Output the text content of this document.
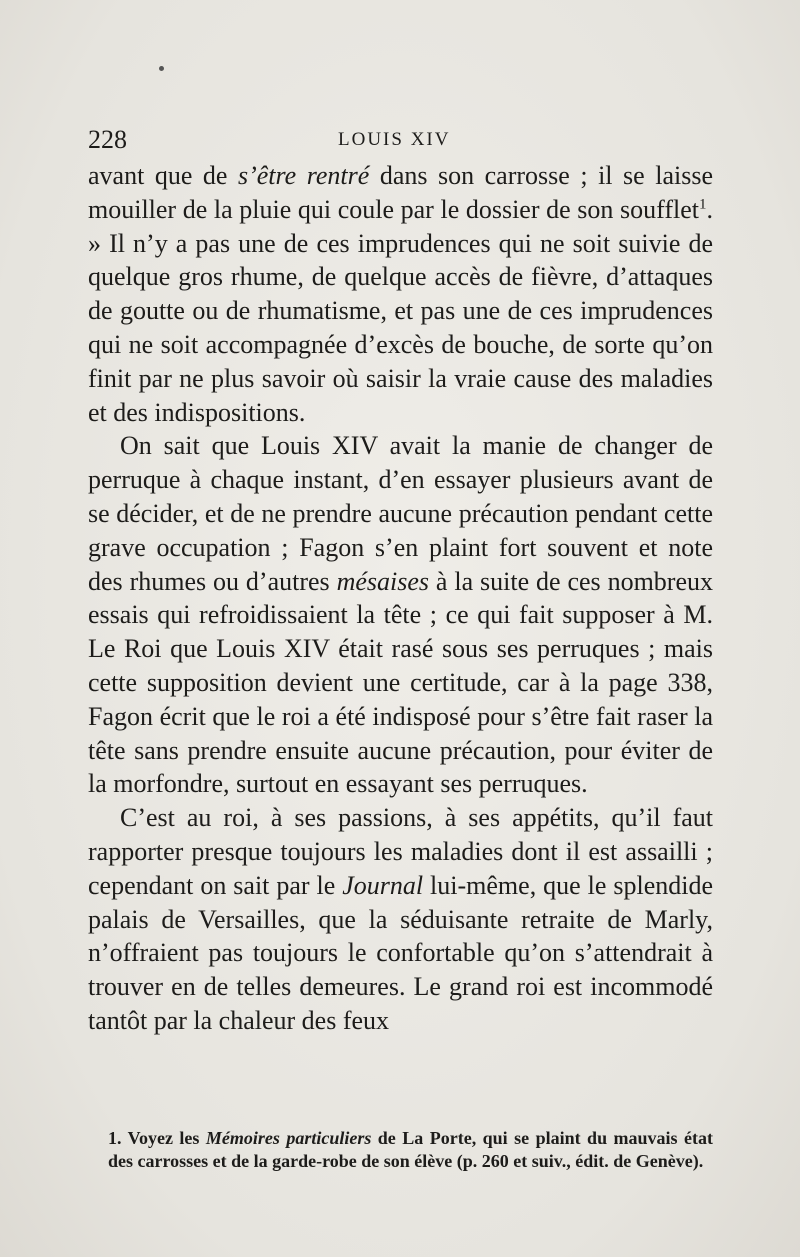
228	LOUIS XIV

avant que de s’être rentré dans son carrosse ; il se laisse mouiller de la pluie qui coule par le dossier de son soufflet$^1$. » Il n’y a pas une de ces imprudences qui ne soit suivie de quelque gros rhume, de quelque accès de fièvre, d’attaques de goutte ou de rhumatisme, et pas une de ces imprudences qui ne soit accompagnée d’excès de bouche, de sorte qu’on finit par ne plus savoir où saisir la vraie cause des maladies et des indispositions.

On sait que Louis XIV avait la manie de changer de perruque à chaque instant, d’en essayer plusieurs avant de se décider, et de ne prendre aucune précaution pendant cette grave occupation ; Fagon s’en plaint fort souvent et note des rhumes ou d’autres mésaises à la suite de ces nombreux essais qui refroidissaient la tête ; ce qui fait supposer à M. Le Roi que Louis XIV était rasé sous ses perruques ; mais cette supposition devient une certitude, car à la page 338, Fagon écrit que le roi a été indisposé pour s’être fait raser la tête sans prendre ensuite aucune précaution, pour éviter de la morfondre, surtout en essayant ses perruques.

C’est au roi, à ses passions, à ses appétits, qu’il faut rapporter presque toujours les maladies dont il est assailli ; cependant on sait par le Journal lui-même, que le splendide palais de Versailles, que la séduisante retraite de Marly, n’offraient pas toujours le confortable qu’on s’attendrait à trouver en de telles demeures. Le grand roi est incommodé tantôt par la chaleur des feux

1. Voyez les Mémoires particuliers de La Porte, qui se plaint du mauvais état des carrosses et de la garde-robe de son élève (p. 260 et suiv., édit. de Genève).
